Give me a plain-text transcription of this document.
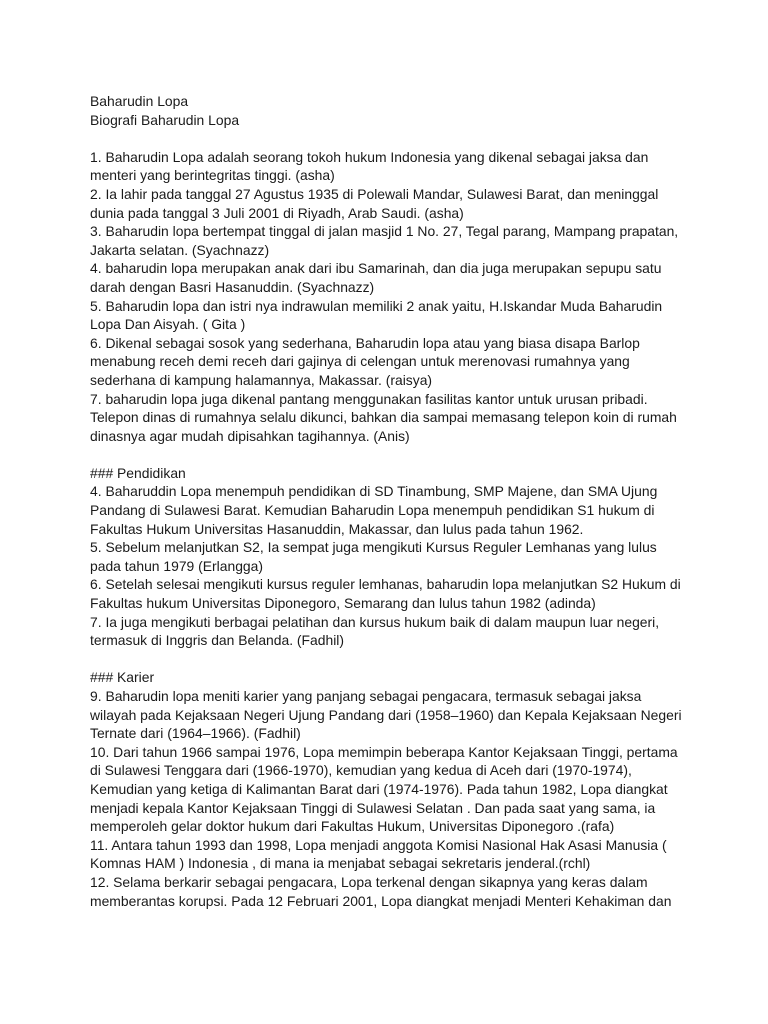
Baharudin Lopa

Biografi Baharudin Lopa

1. Baharudin Lopa adalah seorang tokoh hukum Indonesia yang dikenal sebagai jaksa dan menteri yang berintegritas tinggi. (asha)

2. Ia lahir pada tanggal 27 Agustus 1935 di Polewali Mandar, Sulawesi Barat, dan meninggal dunia pada tanggal 3 Juli 2001 di Riyadh, Arab Saudi. (asha)

3. Baharudin lopa bertempat tinggal di jalan masjid 1 No. 27, Tegal parang, Mampang prapatan, Jakarta selatan. (Syachnazz)

4. baharudin lopa merupakan anak dari ibu Samarinah, dan dia juga merupakan sepupu satu darah dengan Basri Hasanuddin. (Syachnazz)

5. Baharudin lopa dan istri nya indrawulan memiliki 2 anak yaitu, H.Iskandar Muda Baharudin Lopa Dan Aisyah. ( Gita )

6. Dikenal sebagai sosok yang sederhana, Baharudin lopa atau yang biasa disapa Barlop menabung receh demi receh dari gajinya di celengan untuk merenovasi rumahnya yang sederhana di kampung halamannya, Makassar. (raisya)

7. baharudin lopa juga dikenal pantang menggunakan fasilitas kantor untuk urusan pribadi. Telepon dinas di rumahnya selalu dikunci, bahkan dia sampai memasang telepon koin di rumah dinasnya agar mudah dipisahkan tagihannya. (Anis)

### Pendidikan

4. Baharuddin Lopa menempuh pendidikan di SD Tinambung, SMP Majene, dan SMA Ujung Pandang di Sulawesi Barat. Kemudian Baharudin Lopa menempuh pendidikan S1 hukum di Fakultas Hukum Universitas Hasanuddin, Makassar, dan lulus pada tahun 1962.

5. Sebelum melanjutkan S2, Ia sempat juga mengikuti Kursus Reguler Lemhanas yang lulus pada tahun 1979 (Erlangga)

6. Setelah selesai mengikuti kursus reguler lemhanas, baharudin lopa melanjutkan S2 Hukum di Fakultas hukum Universitas Diponegoro, Semarang dan lulus tahun 1982 (adinda)

7. Ia juga mengikuti berbagai pelatihan dan kursus hukum baik di dalam maupun luar negeri, termasuk di Inggris dan Belanda. (Fadhil)

### Karier

9. Baharudin lopa meniti karier yang panjang sebagai pengacara, termasuk sebagai jaksa wilayah pada Kejaksaan Negeri Ujung Pandang dari (1958–1960) dan Kepala Kejaksaan Negeri Ternate dari (1964–1966). (Fadhil)

10. Dari tahun 1966 sampai 1976, Lopa memimpin beberapa Kantor Kejaksaan Tinggi, pertama di Sulawesi Tenggara dari (1966-1970), kemudian yang kedua di Aceh dari (1970-1974), Kemudian yang ketiga di Kalimantan Barat dari (1974-1976). Pada tahun 1982, Lopa diangkat menjadi kepala Kantor Kejaksaan Tinggi di Sulawesi Selatan . Dan pada saat yang sama, ia memperoleh gelar doktor hukum dari Fakultas Hukum, Universitas Diponegoro .(rafa)

11. Antara tahun 1993 dan 1998, Lopa menjadi anggota Komisi Nasional Hak Asasi Manusia ( Komnas HAM ) Indonesia , di mana ia menjabat sebagai sekretaris jenderal.(rchl)

12. Selama berkarir sebagai pengacara, Lopa terkenal dengan sikapnya yang keras dalam memberantas korupsi. Pada 12 Februari 2001, Lopa diangkat menjadi Menteri Kehakiman dan
